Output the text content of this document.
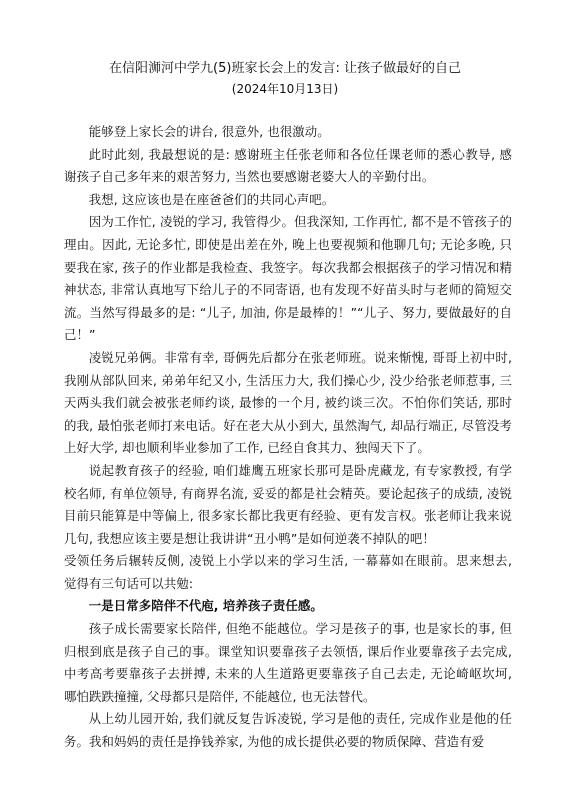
在信阳浉河中学九(5)班家长会上的发言: 让孩子做最好的自己
(2024年10月13日)

能够登上家长会的讲台, 很意外, 也很激动。

此时此刻, 我最想说的是: 感谢班主任张老师和各位任课老师的悉心教导, 感谢孩子自己多年来的艰苦努力, 当然也要感谢老婆大人的辛勤付出。

我想, 这应该也是在座爸爸们的共同心声吧。

因为工作忙, 凌锐的学习, 我管得少。但我深知, 工作再忙, 都不是不管孩子的理由。因此, 无论多忙, 即使是出差在外, 晚上也要视频和他聊几句; 无论多晚, 只要我在家, 孩子的作业都是我检查、我签字。每次我都会根据孩子的学习情况和精神状态, 非常认真地写下给儿子的不同寄语, 也有发现不好苗头时与老师的简短交流。当然写得最多的是: “儿子, 加油, 你是最棒的！”“儿子、努力, 要做最好的自己！”

凌锐兄弟俩。非常有幸, 哥俩先后都分在张老师班。说来惭愧, 哥哥上初中时, 我刚从部队回来, 弟弟年纪又小, 生活压力大, 我们操心少, 没少给张老师惹事, 三天两头我们就会被张老师约谈, 最惨的一个月, 被约谈三次。不怕你们笑话, 那时的我, 最怕张老师打来电话。好在老大从小到大, 虽然淘气, 却品行端正, 尽管没考上好大学, 却也顺利毕业参加了工作, 已经自食其力、独闯天下了。

说起教育孩子的经验, 咱们雄鹰五班家长那可是卧虎藏龙, 有专家教授, 有学校名师, 有单位领导, 有商界名流, 妥妥的都是社会精英。要论起孩子的成绩, 凌锐目前只能算是中等偏上, 很多家长都比我更有经验、更有发言权。张老师让我来说几句, 我想应该主要是想让我讲讲“丑小鸭”是如何逆袭不掉队的吧！

受领任务后辗转反侧, 凌锐上小学以来的学习生活, 一幕幕如在眼前。思来想去, 觉得有三句话可以共勉:

一是日常多陪伴不代庖, 培养孩子责任感。

孩子成长需要家长陪伴, 但绝不能越位。学习是孩子的事, 也是家长的事, 但归根到底是孩子自己的事。课堂知识要靠孩子去领悟, 课后作业要靠孩子去完成, 中考高考要靠孩子去拼搏, 未来的人生道路更要靠孩子自己去走, 无论崎岖坎坷, 哪怕跌跌撞撞, 父母都只是陪伴, 不能越位, 也无法替代。

从上幼儿园开始, 我们就反复告诉凌锐, 学习是他的责任, 完成作业是他的任务。我和妈妈的责任是挣钱养家, 为他的成长提供必要的物质保障、营造有爱
